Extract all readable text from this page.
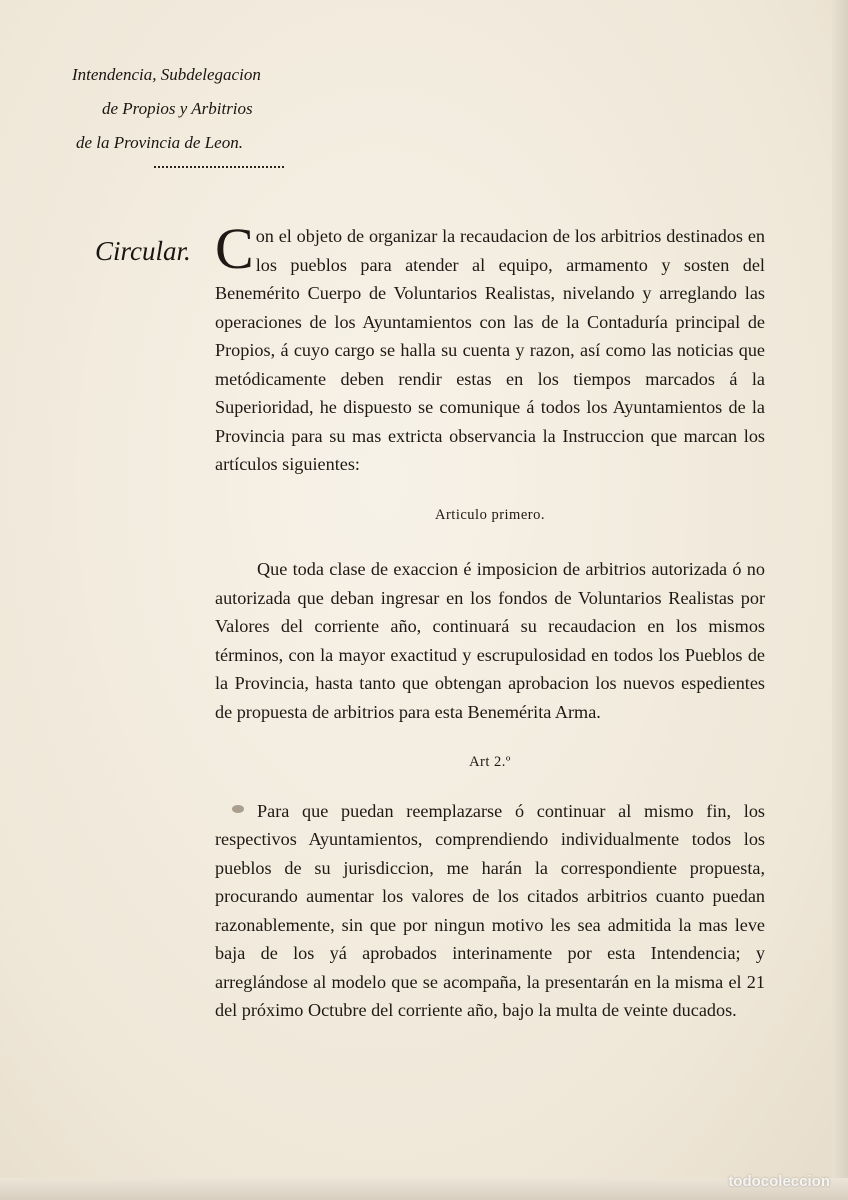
Intendencia, Subdelegacion
de Propios y Arbitrios
de la Provincia de Leon.
Circular. Con el objeto de organizar la recaudacion de los arbitrios destinados en los pueblos para atender al equipo, armamento y sosten del Benemérito Cuerpo de Voluntarios Realistas, nivelando y arreglando las operaciones de los Ayuntamientos con las de la Contaduría principal de Propios, á cuyo cargo se halla su cuenta y razon, así como las noticias que metódicamente deben rendir estas en los tiempos marcados á la Superioridad, he dispuesto se comunique á todos los Ayuntamientos de la Provincia para su mas extricta observancia la Instruccion que marcan los artículos siguientes:

Articulo primero.

Que toda clase de exaccion é imposicion de arbitrios autorizada ó no autorizada que deban ingresar en los fondos de Voluntarios Realistas por Valores del corriente año, continuará su recaudacion en los mismos términos, con la mayor exactitud y escrupulosidad en todos los Pueblos de la Provincia, hasta tanto que obtengan aprobacion los nuevos espedientes de propuesta de arbitrios para esta Benemérita Arma.

Art 2.º

Para que puedan reemplazarse ó continuar al mismo fin, los respectivos Ayuntamientos, comprendiendo individualmente todos los pueblos de su jurisdiccion, me harán la correspondiente propuesta, procurando aumentar los valores de los citados arbitrios cuanto puedan razonablemente, sin que por ningun motivo les sea admitida la mas leve baja de los yá aprobados interinamente por esta Intendencia; y arreglándose al modelo que se acompaña, la presentarán en la misma el 21 del próximo Octubre del corriente año, bajo la multa de veinte ducados.

todocoleccion
